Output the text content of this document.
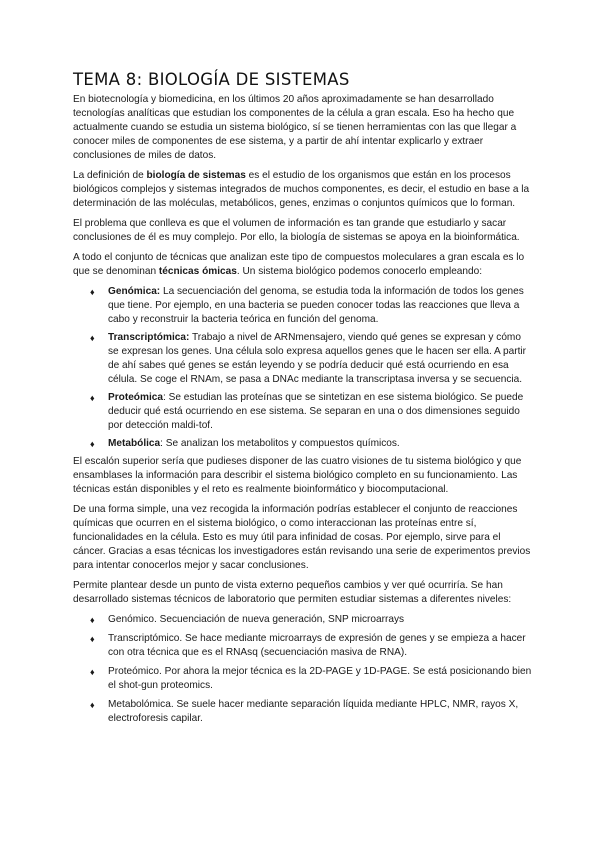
TEMA 8: BIOLOGÍA DE SISTEMAS

En biotecnología y biomedicina, en los últimos 20 años aproximadamente se han desarrollado tecnologías analíticas que estudian los componentes de la célula a gran escala. Eso ha hecho que actualmente cuando se estudia un sistema biológico, sí se tienen herramientas con las que llegar a conocer miles de componentes de ese sistema, y a partir de ahí intentar explicarlo y extraer conclusiones de miles de datos.

La definición de biología de sistemas es el estudio de los organismos que están en los procesos biológicos complejos y sistemas integrados de muchos componentes, es decir, el estudio en base a la determinación de las moléculas, metabólicos, genes, enzimas o conjuntos químicos que lo forman.

El problema que conlleva es que el volumen de información es tan grande que estudiarlo y sacar conclusiones de él es muy complejo. Por ello, la biología de sistemas se apoya en la bioinformática.

A todo el conjunto de técnicas que analizan este tipo de compuestos moleculares a gran escala es lo que se denominan técnicas ómicas. Un sistema biológico podemos conocerlo empleando:

♦ Genómica: La secuenciación del genoma, se estudia toda la información de todos los genes que tiene. Por ejemplo, en una bacteria se pueden conocer todas las reacciones que lleva a cabo y reconstruir la bacteria teórica en función del genoma.
♦ Transcriptómica: Trabajo a nivel de ARNmensajero, viendo qué genes se expresan y cómo se expresan los genes. Una célula solo expresa aquellos genes que le hacen ser ella. A partir de ahí sabes qué genes se están leyendo y se podría deducir qué está ocurriendo en esa célula. Se coge el RNAm, se pasa a DNAc mediante la transcriptasa inversa y se secuencia.
♦ Proteómica: Se estudian las proteínas que se sintetizan en ese sistema biológico. Se puede deducir qué está ocurriendo en ese sistema. Se separan en una o dos dimensiones seguido por detección maldi-tof.
♦ Metabólica: Se analizan los metabolitos y compuestos químicos.

El escalón superior sería que pudieses disponer de las cuatro visiones de tu sistema biológico y que ensamblases la información para describir el sistema biológico completo en su funcionamiento. Las técnicas están disponibles y el reto es realmente bioinformático y biocomputacional.

De una forma simple, una vez recogida la información podrías establecer el conjunto de reacciones químicas que ocurren en el sistema biológico, o como interaccionan las proteínas entre sí, funcionalidades en la célula. Esto es muy útil para infinidad de cosas. Por ejemplo, sirve para el cáncer. Gracias a esas técnicas los investigadores están revisando una serie de experimentos previos para intentar conocerlos mejor y sacar conclusiones.

Permite plantear desde un punto de vista externo pequeños cambios y ver qué ocurriría. Se han desarrollado sistemas técnicos de laboratorio que permiten estudiar sistemas a diferentes niveles:

♦ Genómico. Secuenciación de nueva generación, SNP microarrays
♦ Transcriptómico. Se hace mediante microarrays de expresión de genes y se empieza a hacer con otra técnica que es el RNAsq (secuenciación masiva de RNA).
♦ Proteómico. Por ahora la mejor técnica es la 2D-PAGE y 1D-PAGE. Se está posicionando bien el shot-gun proteomics.
♦ Metabolómica. Se suele hacer mediante separación líquida mediante HPLC, NMR, rayos X, electroforesis capilar.
